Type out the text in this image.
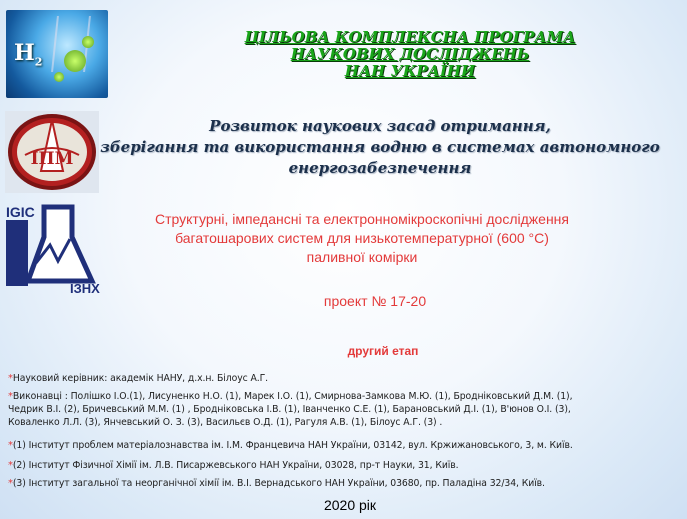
$H_2$
ІПМ
IGIC
ІЗНХ
ЦІЛЬОВА КОМПЛЕКСНА ПРОГРАМА
НАУКОВИХ ДОСЛІДЖЕНЬ
НАН УКРАЇНИ
Розвиток наукових засад отримання,
зберігання та використання водню в системах автономного
енергозабезпечення
Структурні, імпедансні та електронномікроскопічні дослідження
багатошарових систем для низькотемпературної (600 °С)
паливної комірки
проект № 17-20
другий етап
*Науковий керівник: академік НАНУ, д.х.н. Білоус А.Г.
*Виконавці : Полішко І.О.(1), Лисуненко Н.О. (1), Марек І.О. (1), Смирнова-Замкова М.Ю. (1), Бродніковський Д.М. (1),
Чедрик В.І. (2), Бричевський М.М. (1) , Бродніковська І.В. (1), Іванченко С.Е. (1), Барановський Д.І. (1), В'юнов О.І. (3),
Коваленко Л.Л. (3), Янчевський О. З. (3), Васильєв О.Д. (1), Рагуля А.В. (1), Білоус А.Г. (3) .
*(1) Інститут проблем матеріалознавства ім. І.М. Францевича НАН України, 03142, вул. Кржижановського, 3, м. Київ.
*(2) Інститут Фізичної Хімії ім. Л.В. Писаржевського НАН України, 03028, пр-т Науки, 31, Київ.
*(3) Інститут загальної та неорганічної хімії ім. В.І. Вернадського НАН України, 03680, пр. Паладіна 32/34, Київ.
2020 рік
